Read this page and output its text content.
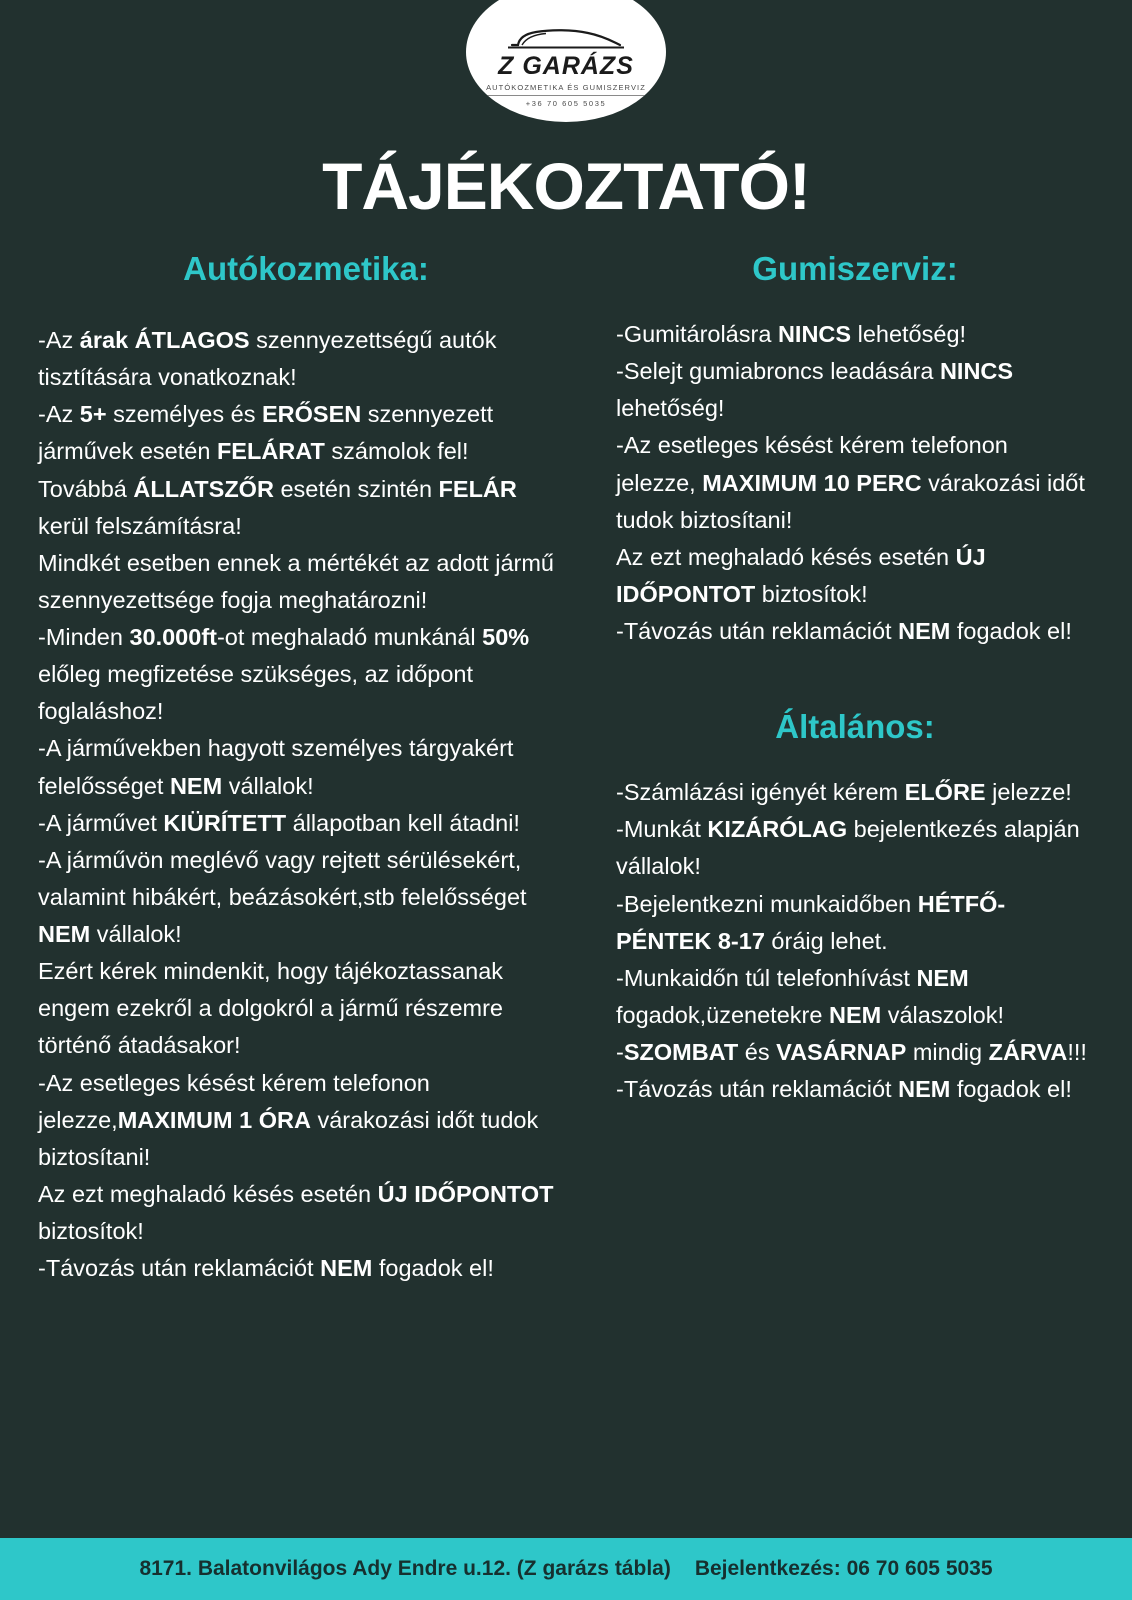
Z GARÁZS
AUTÓKOZMETIKA ÉS GUMISZERVIZ
+36 70 605 5035
TÁJÉKOZTATÓ!
Autókozmetika:

-Az árak ÁTLAGOS szennyezettségű autók tisztítására vonatkoznak!

-Az 5+ személyes és ERŐSEN szennyezett járművek esetén FELÁRAT számolok fel!

Továbbá ÁLLATSZŐR esetén szintén FELÁR kerül felszámításra!

Mindkét esetben ennek a mértékét az adott jármű szennyezettsége fogja meghatározni!

-Minden 30.000ft-ot meghaladó munkánál 50% előleg megfizetése szükséges, az időpont foglaláshoz!

-A járművekben hagyott személyes tárgyakért felelősséget NEM vállalok!

-A járművet KIÜRÍTETT állapotban kell átadni!

-A járművön meglévő vagy rejtett sérülésekért, valamint hibákért, beázásokért,stb felelősséget NEM vállalok!

Ezért kérek mindenkit, hogy tájékoztassanak engem ezekről a dolgokról a jármű részemre történő átadásakor!

-Az esetleges késést kérem telefonon jelezze,MAXIMUM 1 ÓRA várakozási időt tudok biztosítani!

Az ezt meghaladó késés esetén ÚJ IDŐPONTOT biztosítok!

-Távozás után reklamációt NEM fogadok el!

Gumiszerviz:

-Gumitárolásra NINCS lehetőség!

-Selejt gumiabroncs leadására NINCS lehetőség!

-Az esetleges késést kérem telefonon jelezze, MAXIMUM 10 PERC várakozási időt tudok biztosítani!

Az ezt meghaladó késés esetén ÚJ IDŐPONTOT biztosítok!

-Távozás után reklamációt NEM fogadok el!

Általános:

-Számlázási igényét kérem ELŐRE jelezze!

-Munkát KIZÁRÓLAG bejelentkezés alapján vállalok!

-Bejelentkezni munkaidőben HÉTFŐ-PÉNTEK 8-17 óráig lehet.

-Munkaidőn túl telefonhívást NEM fogadok,üzenetekre NEM válaszolok!

-SZOMBAT és VASÁRNAP mindig ZÁRVA!!!

-Távozás után reklamációt NEM fogadok el!

8171. Balatonvilágos Ady Endre u.12. (Z garázs tábla) Bejelentkezés: 06 70 605 5035
